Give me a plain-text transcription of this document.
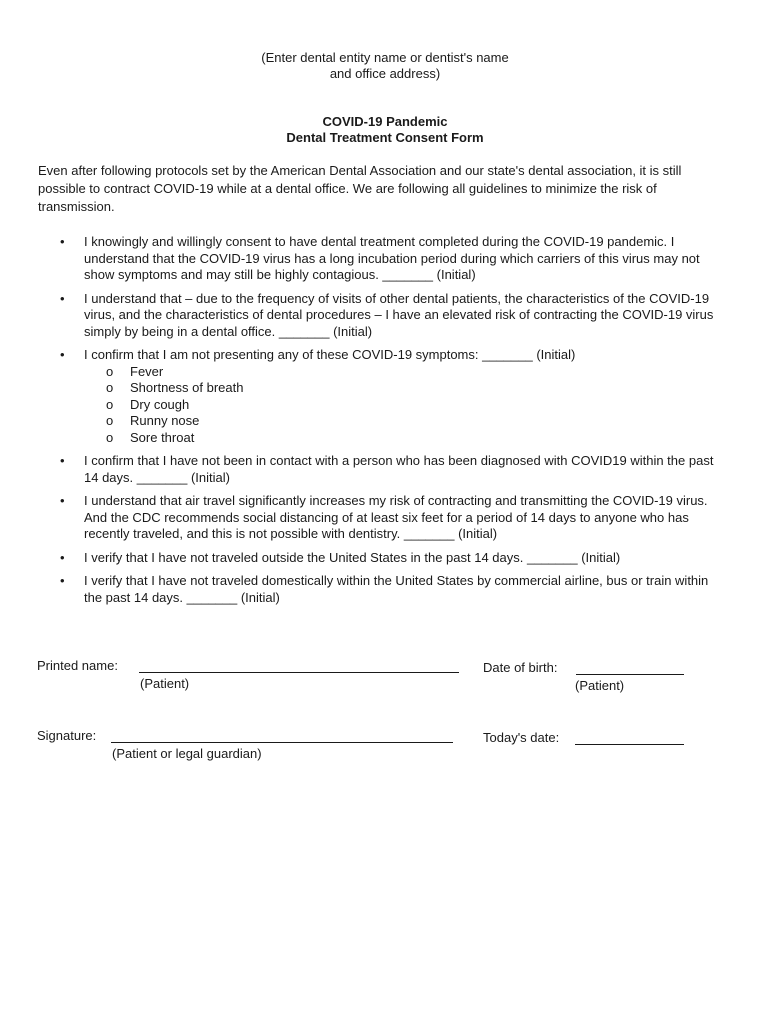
(Enter dental entity name or dentist's name
and office address)
COVID-19 Pandemic
Dental Treatment Consent Form
Even after following protocols set by the American Dental Association and our state's dental association, it is still possible to contract COVID-19 while at a dental office. We are following all guidelines to minimize the risk of transmission.
• I knowingly and willingly consent to have dental treatment completed during the COVID-19 pandemic. I understand that the COVID-19 virus has a long incubation period during which carriers of this virus may not show symptoms and may still be highly contagious. _______ (Initial)
• I understand that – due to the frequency of visits of other dental patients, the characteristics of the COVID-19 virus, and the characteristics of dental procedures – I have an elevated risk of contracting the COVID-19 virus simply by being in a dental office. _______ (Initial)
• I confirm that I am not presenting any of these COVID-19 symptoms: _______ (Initial)
o Fever
o Shortness of breath
o Dry cough
o Runny nose
o Sore throat
• I confirm that I have not been in contact with a person who has been diagnosed with COVID19 within the past 14 days. _______ (Initial)
• I understand that air travel significantly increases my risk of contracting and transmitting the COVID-19 virus. And the CDC recommends social distancing of at least six feet for a period of 14 days to anyone who has recently traveled, and this is not possible with dentistry. _______ (Initial)
• I verify that I have not traveled outside the United States in the past 14 days. _______ (Initial)
• I verify that I have not traveled domestically within the United States by commercial airline, bus or train within the past 14 days. _______ (Initial)
Printed name:
(Patient)
Date of birth:
(Patient)
Signature:
(Patient or legal guardian)
Today's date:
